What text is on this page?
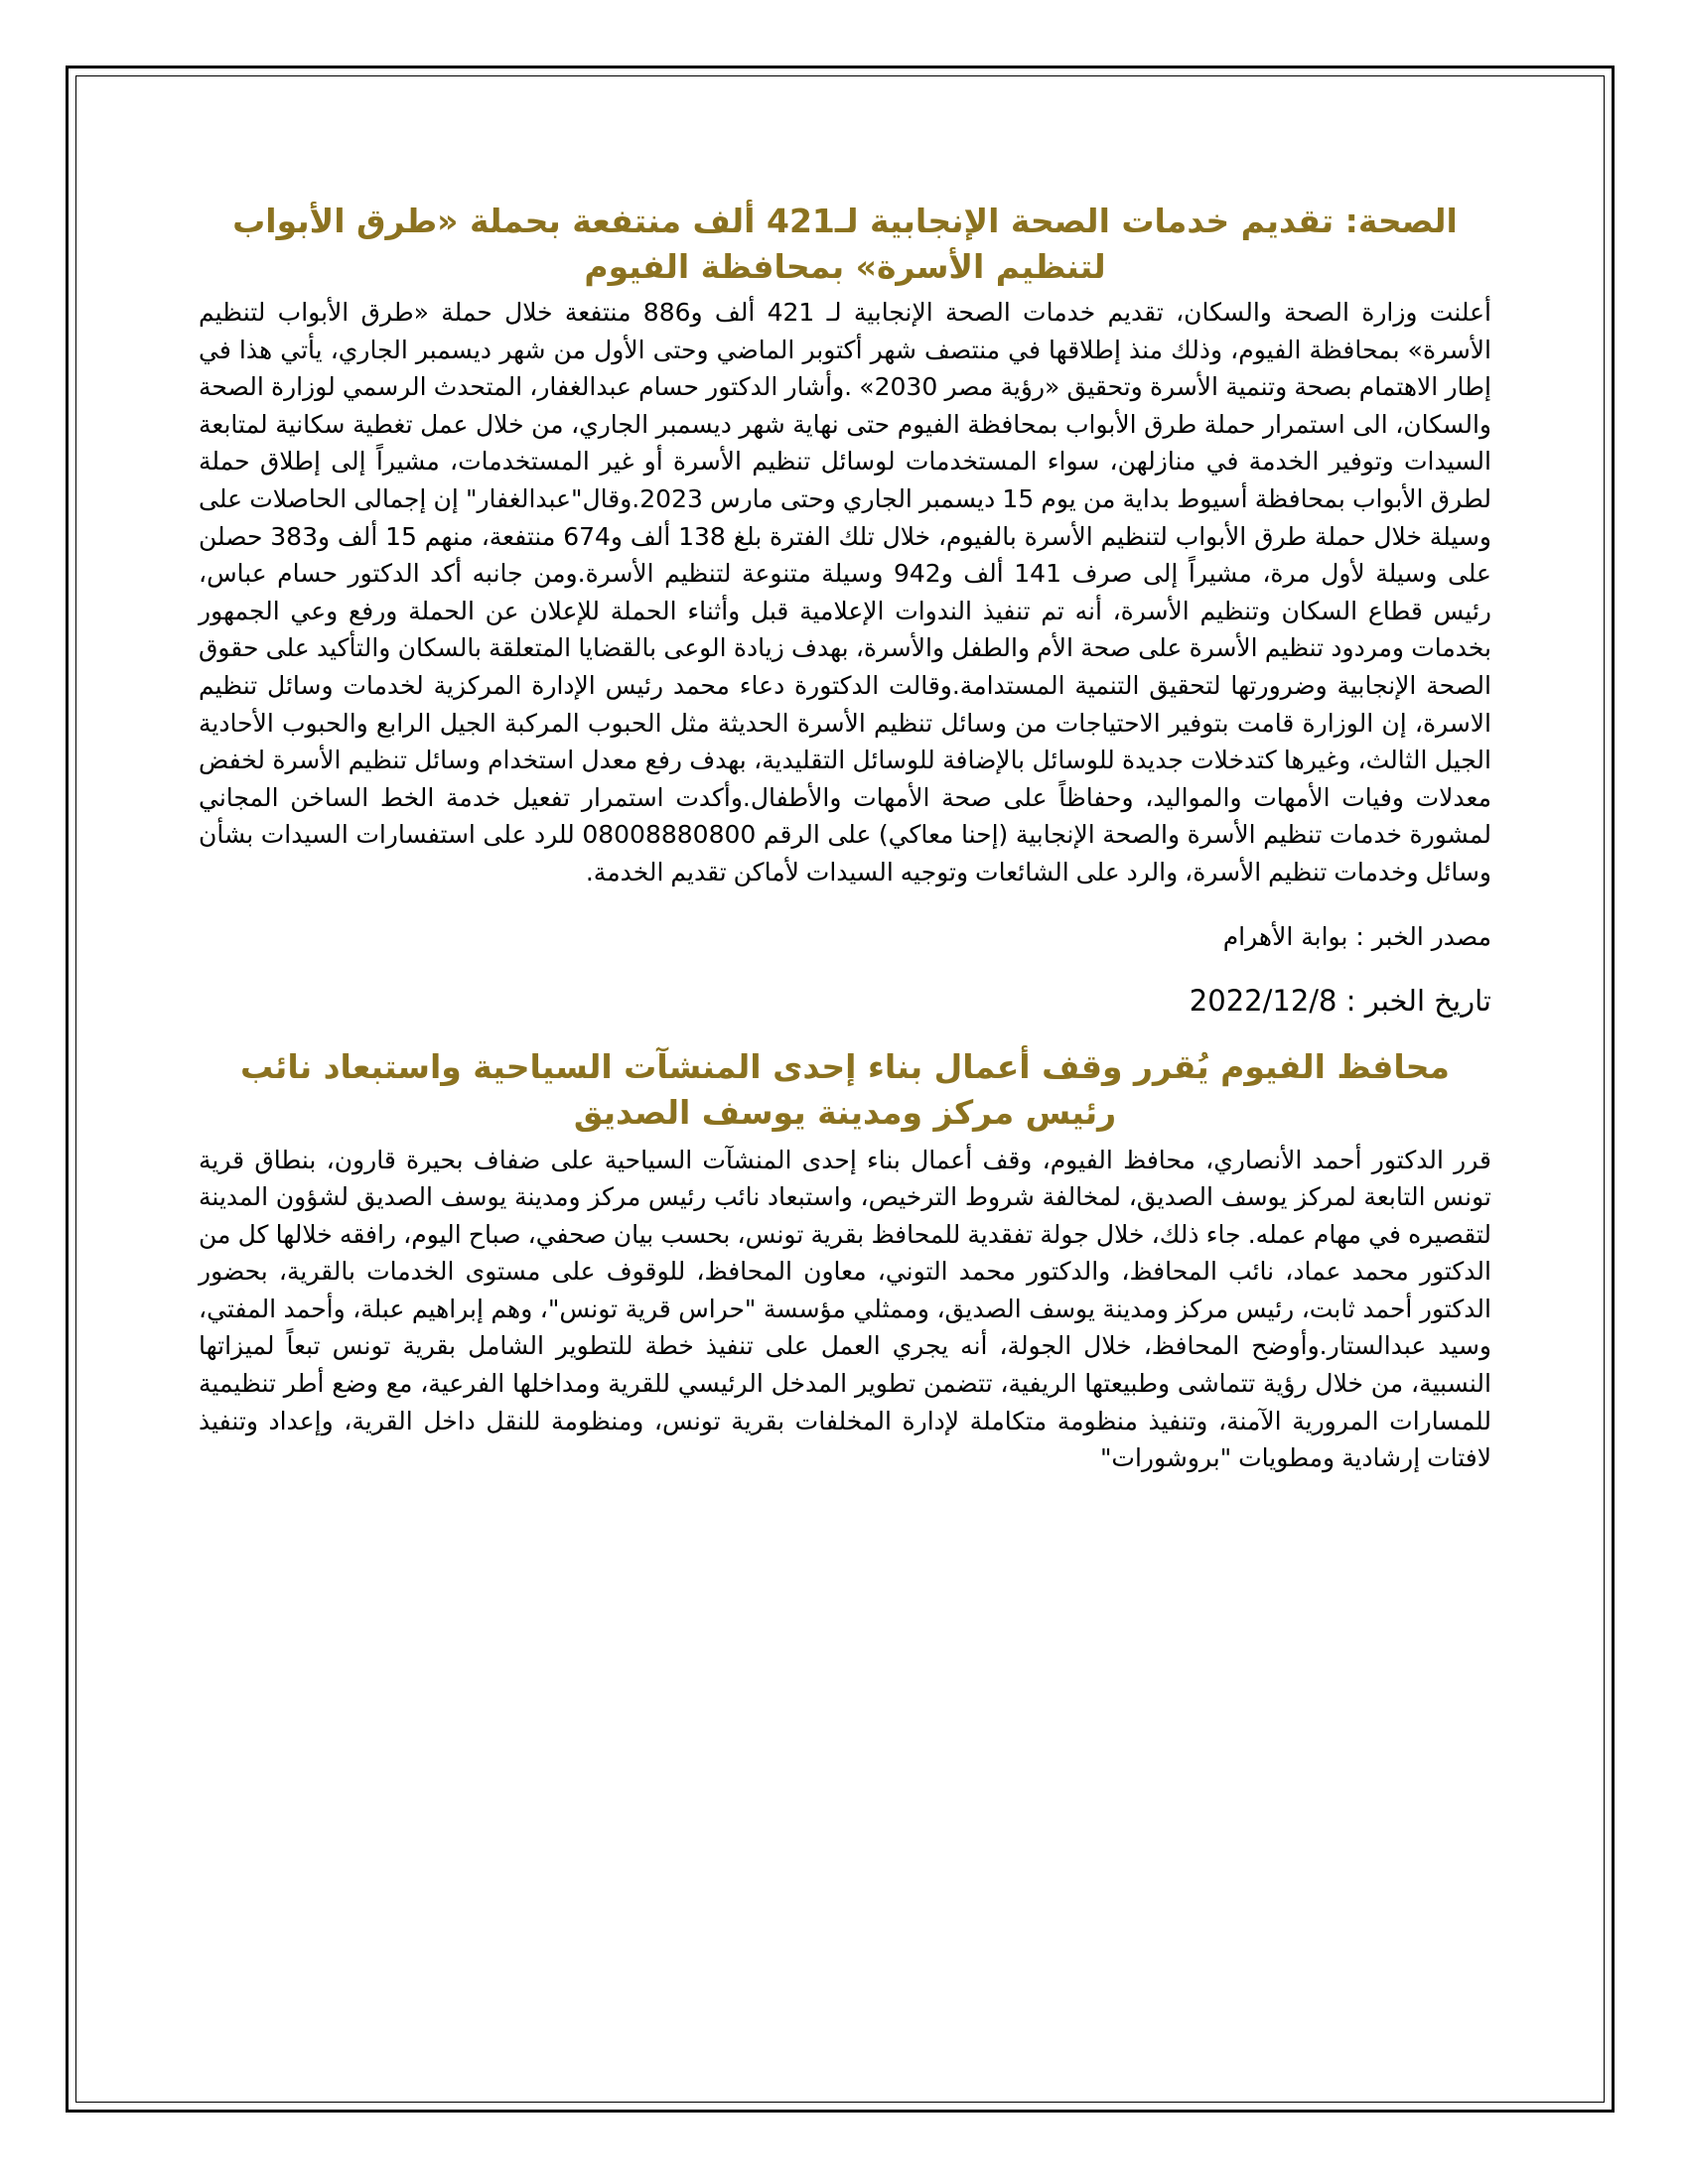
الصحة: تقديم خدمات الصحة الإنجابية لـ421 ألف منتفعة بحملة «طرق الأبواب لتنظيم الأسرة» بمحافظة الفيوم

أعلنت وزارة الصحة والسكان، تقديم خدمات الصحة الإنجابية لـ 421 ألف و886 منتفعة خلال حملة «طرق الأبواب لتنظيم الأسرة» بمحافظة الفيوم، وذلك منذ إطلاقها في منتصف شهر أكتوبر الماضي وحتى الأول من شهر ديسمبر الجاري، يأتي هذا في إطار الاهتمام بصحة وتنمية الأسرة وتحقيق «رؤية مصر 2030» .وأشار الدكتور حسام عبدالغفار، المتحدث الرسمي لوزارة الصحة والسكان، الى استمرار حملة طرق الأبواب بمحافظة الفيوم حتى نهاية شهر ديسمبر الجاري، من خلال عمل تغطية سكانية لمتابعة السيدات وتوفير الخدمة في منازلهن، سواء المستخدمات لوسائل تنظيم الأسرة أو غير المستخدمات، مشيراً إلى إطلاق حملة لطرق الأبواب بمحافظة أسيوط بداية من يوم 15 ديسمبر الجاري وحتى مارس 2023.وقال"عبدالغفار" إن إجمالى الحاصلات على وسيلة خلال حملة طرق الأبواب لتنظيم الأسرة بالفيوم، خلال تلك الفترة بلغ 138 ألف و674 منتفعة، منهم 15 ألف و383 حصلن على وسيلة لأول مرة، مشيراً إلى صرف 141 ألف و942 وسيلة متنوعة لتنظيم الأسرة.ومن جانبه أكد الدكتور حسام عباس، رئيس قطاع السكان وتنظيم الأسرة، أنه تم تنفيذ الندوات الإعلامية قبل وأثناء الحملة للإعلان عن الحملة ورفع وعي الجمهور بخدمات ومردود تنظيم الأسرة على صحة الأم والطفل والأسرة، بهدف زيادة الوعى بالقضايا المتعلقة بالسكان والتأكيد على حقوق الصحة الإنجابية وضرورتها لتحقيق التنمية المستدامة.وقالت الدكتورة دعاء محمد رئيس الإدارة المركزية لخدمات وسائل تنظيم الاسرة، إن الوزارة قامت بتوفير الاحتياجات من وسائل تنظيم الأسرة الحديثة مثل الحبوب المركبة الجيل الرابع والحبوب الأحادية الجيل الثالث، وغيرها كتدخلات جديدة للوسائل بالإضافة للوسائل التقليدية، بهدف رفع معدل استخدام وسائل تنظيم الأسرة لخفض معدلات وفيات الأمهات والمواليد، وحفاظاً على صحة الأمهات والأطفال.وأكدت استمرار تفعيل خدمة الخط الساخن المجاني لمشورة خدمات تنظيم الأسرة والصحة الإنجابية (إحنا معاكي) على الرقم 08008880800 للرد على استفسارات السيدات بشأن وسائل وخدمات تنظيم الأسرة، والرد على الشائعات وتوجيه السيدات لأماكن تقديم الخدمة.

مصدر الخبر : بوابة الأهرام

تاريخ الخبر : 2022/12/8

محافظ الفيوم يُقرر وقف أعمال بناء إحدى المنشآت السياحية واستبعاد نائب رئيس مركز ومدينة يوسف الصديق

قرر الدكتور أحمد الأنصاري، محافظ الفيوم، وقف أعمال بناء إحدى المنشآت السياحية على ضفاف بحيرة قارون، بنطاق قرية تونس التابعة لمركز يوسف الصديق، لمخالفة شروط الترخيص، واستبعاد نائب رئيس مركز ومدينة يوسف الصديق لشؤون المدينة لتقصيره في مهام عمله. جاء ذلك، خلال جولة تفقدية للمحافظ بقرية تونس، بحسب بيان صحفي، صباح اليوم، رافقه خلالها كل من الدكتور محمد عماد، نائب المحافظ، والدكتور محمد التوني، معاون المحافظ، للوقوف على مستوى الخدمات بالقرية، بحضور الدكتور أحمد ثابت، رئيس مركز ومدينة يوسف الصديق، وممثلي مؤسسة "حراس قرية تونس"، وهم إبراهيم عبلة، وأحمد المفتي، وسيد عبدالستار.وأوضح المحافظ، خلال الجولة، أنه يجري العمل على تنفيذ خطة للتطوير الشامل بقرية تونس تبعاً لميزاتها النسبية، من خلال رؤية تتماشى وطبيعتها الريفية، تتضمن تطوير المدخل الرئيسي للقرية ومداخلها الفرعية، مع وضع أطر تنظيمية للمسارات المرورية الآمنة، وتنفيذ منظومة متكاملة لإدارة المخلفات بقرية تونس، ومنظومة للنقل داخل القرية، وإعداد وتنفيذ لافتات إرشادية ومطويات "بروشورات"
